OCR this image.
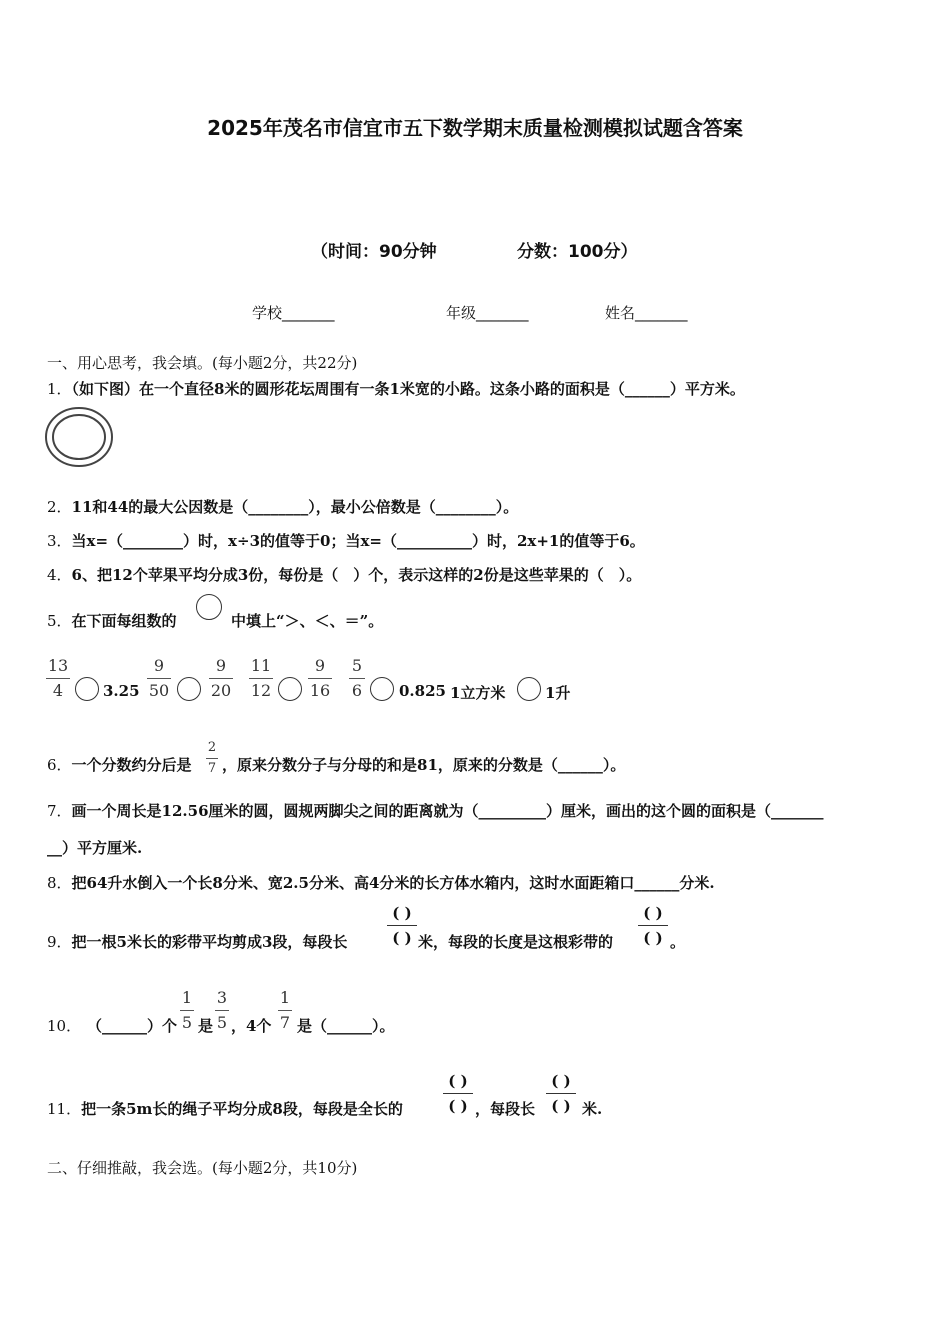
2025年茂名市信宜市五下数学期末质量检测模拟试题含答案
（时间：90分钟	分数：100分）
学校_______	年级_______	姓名_______
一、用心思考，我会填。(每小题2分，共22分)
1．（如下图）在一个直径8米的圆形花坛周围有一条1米宽的小路。这条小路的面积是（______）平方米。
2．11和44的最大公因数是（________），最小公倍数是（________）。
3．当x=（________）时，x÷3的值等于0；当x=（__________）时，2x+1的值等于6。
4．6、把12个苹果平均分成3份，每份是（　）个，表示这样的2份是这些苹果的（　）。
5．在下面每组数的	中填上“＞、＜、＝”。
13
4	3.25
9
50
9
20
11
12
9
16
5
6 0.825 1立方米	1升
6．一个分数约分后是
2
7 ，原来分数分子与分母的和是81，原来的分数是（______）。
7．画一个周长是12.56厘米的圆，圆规两脚尖之间的距离就为（_________）厘米，画出的这个圆的面积是（_______
__）平方厘米.
8．把64升水倒入一个长8分米、宽2.5分米、高4分米的长方体水箱内，这时水面距箱口______分米.
9．把一根5米长的彩带平均剪成3段，每段长
( )
( ) 米，每段的长度是这根彩带的
( )
( ) 。
10． （______）个
1
5 是
3
5 ，4个
1
7 是（______）。
11．把一条5m长的绳子平均分成8段，每段是全长的
( )
( ) ，每段长
( )
( ) 米.
二、仔细推敲，我会选。(每小题2分，共10分)
